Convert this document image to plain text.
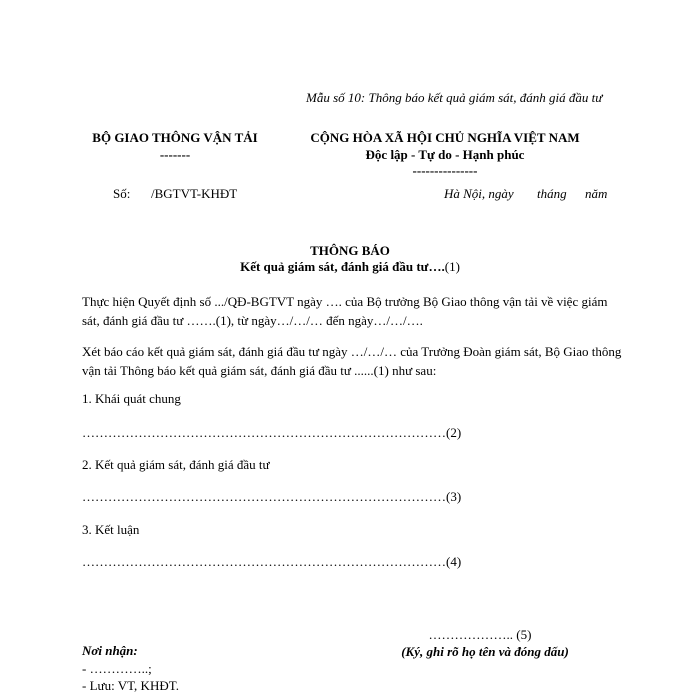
Mẫu số 10: Thông báo kết quả giám sát, đánh giá đầu tư
BỘ GIAO THÔNG VẬN TẢI
-------
Số: /BGTVT-KHĐT
CỘNG HÒA XÃ HỘI CHỦ NGHĨA VIỆT NAM
Độc lập - Tự do - Hạnh phúc
---------------
Hà Nội, ngày tháng năm
THÔNG BÁO
Kết quả giám sát, đánh giá đầu tư….(1)
Thực hiện Quyết định số .../QĐ-BGTVT ngày …. của Bộ trưởng Bộ Giao thông vận tải về việc giám sát, đánh giá đầu tư …….(1), từ ngày…/…/… đến ngày…/…/….
Xét báo cáo kết quả giám sát, đánh giá đầu tư ngày …/…/… của Trưởng Đoàn giám sát, Bộ Giao thông vận tải Thông báo kết quả giám sát, đánh giá đầu tư ......(1) như sau:
1. Khái quát chung
…………………………………………………………………………(2)
2. Kết quả giám sát, đánh giá đầu tư
…………………………………………………………………………(3)
3. Kết luận
…………………………………………………………………………(4)
……………….. (5)
(Ký, ghi rõ họ tên và đóng dấu)
Nơi nhận:
- …………..;
- Lưu: VT, KHĐT.
